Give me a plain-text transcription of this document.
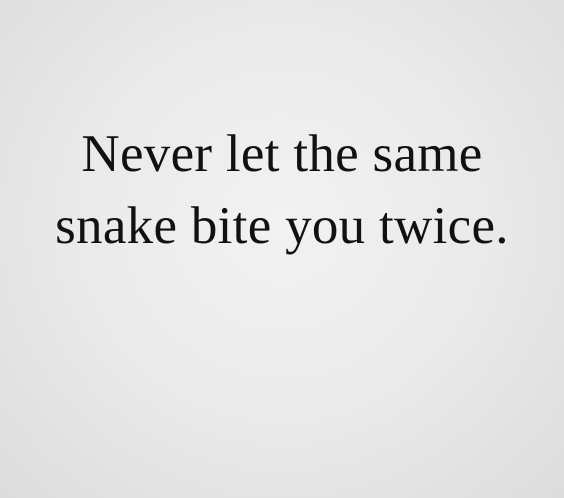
Never let the same
snake bite you twice.
